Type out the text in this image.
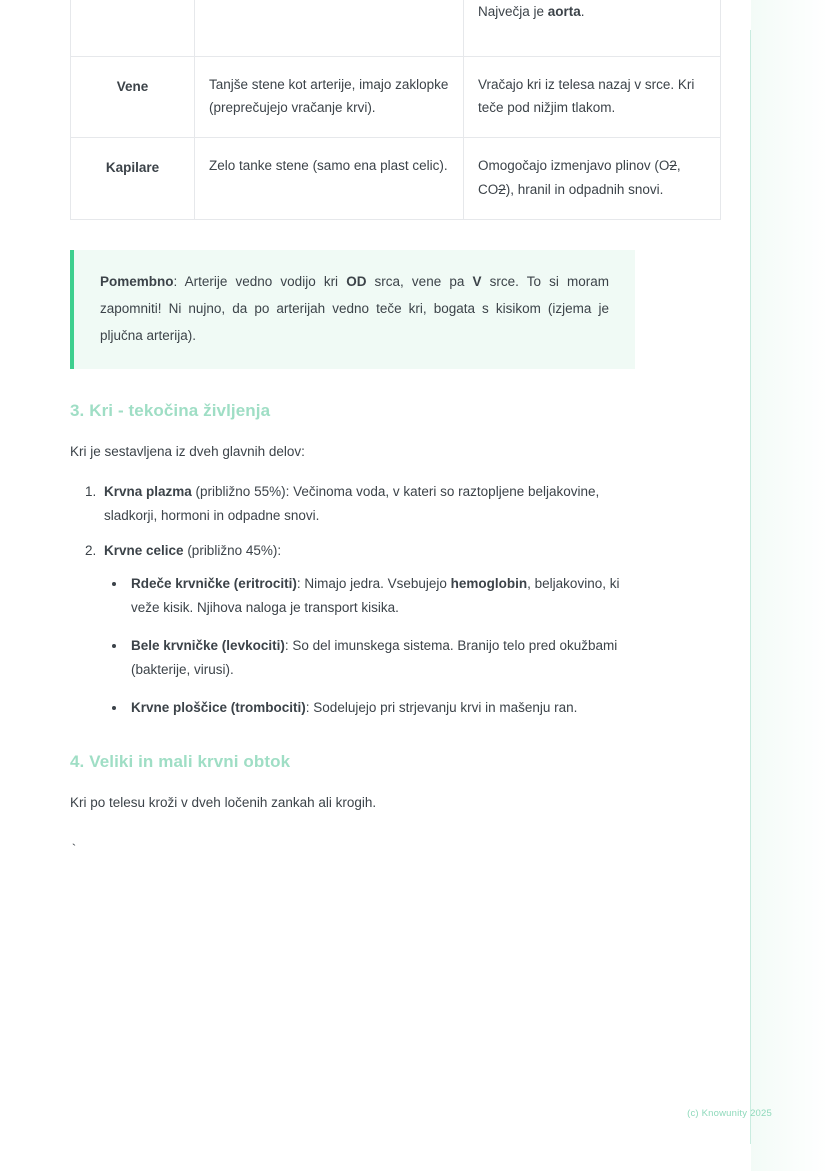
		Največja je aorta.
Vene	Tanjše stene kot arterije, imajo zaklopke (preprečujejo vračanje krvi).	Vračajo kri iz telesa nazaj v srce. Kri teče pod nižjim tlakom.
Kapilare	Zelo tanke stene (samo ena plast celic).	Omogočajo izmenjavo plinov (O2, CO2), hranil in odpadnih snovi.
Pomembno: Arterije vedno vodijo kri OD srca, vene pa V srce. To si moram zapomniti! Ni nujno, da po arterijah vedno teče kri, bogata s kisikom (izjema je pljučna arterija).
3. Kri - tekočina življenja

Kri je sestavljena iz dveh glavnih delov:

1. Krvna plazma (približno 55%): Večinoma voda, v kateri so raztopljene beljakovine, sladkorji, hormoni in odpadne snovi.
2. Krvne celice (približno 45%):
• Rdeče krvničke (eritrociti): Nimajo jedra. Vsebujejo hemoglobin, beljakovino, ki veže kisik. Njihova naloga je transport kisika.
• Bele krvničke (levkociti): So del imunskega sistema. Branijo telo pred okužbami (bakterije, virusi).
• Krvne ploščice (trombociti): Sodelujejo pri strjevanju krvi in mašenju ran.
4. Veliki in mali krvni obtok

Kri po telesu kroži v dveh ločenih zankah ali krogih.

`

(c) Knowunity 2025
